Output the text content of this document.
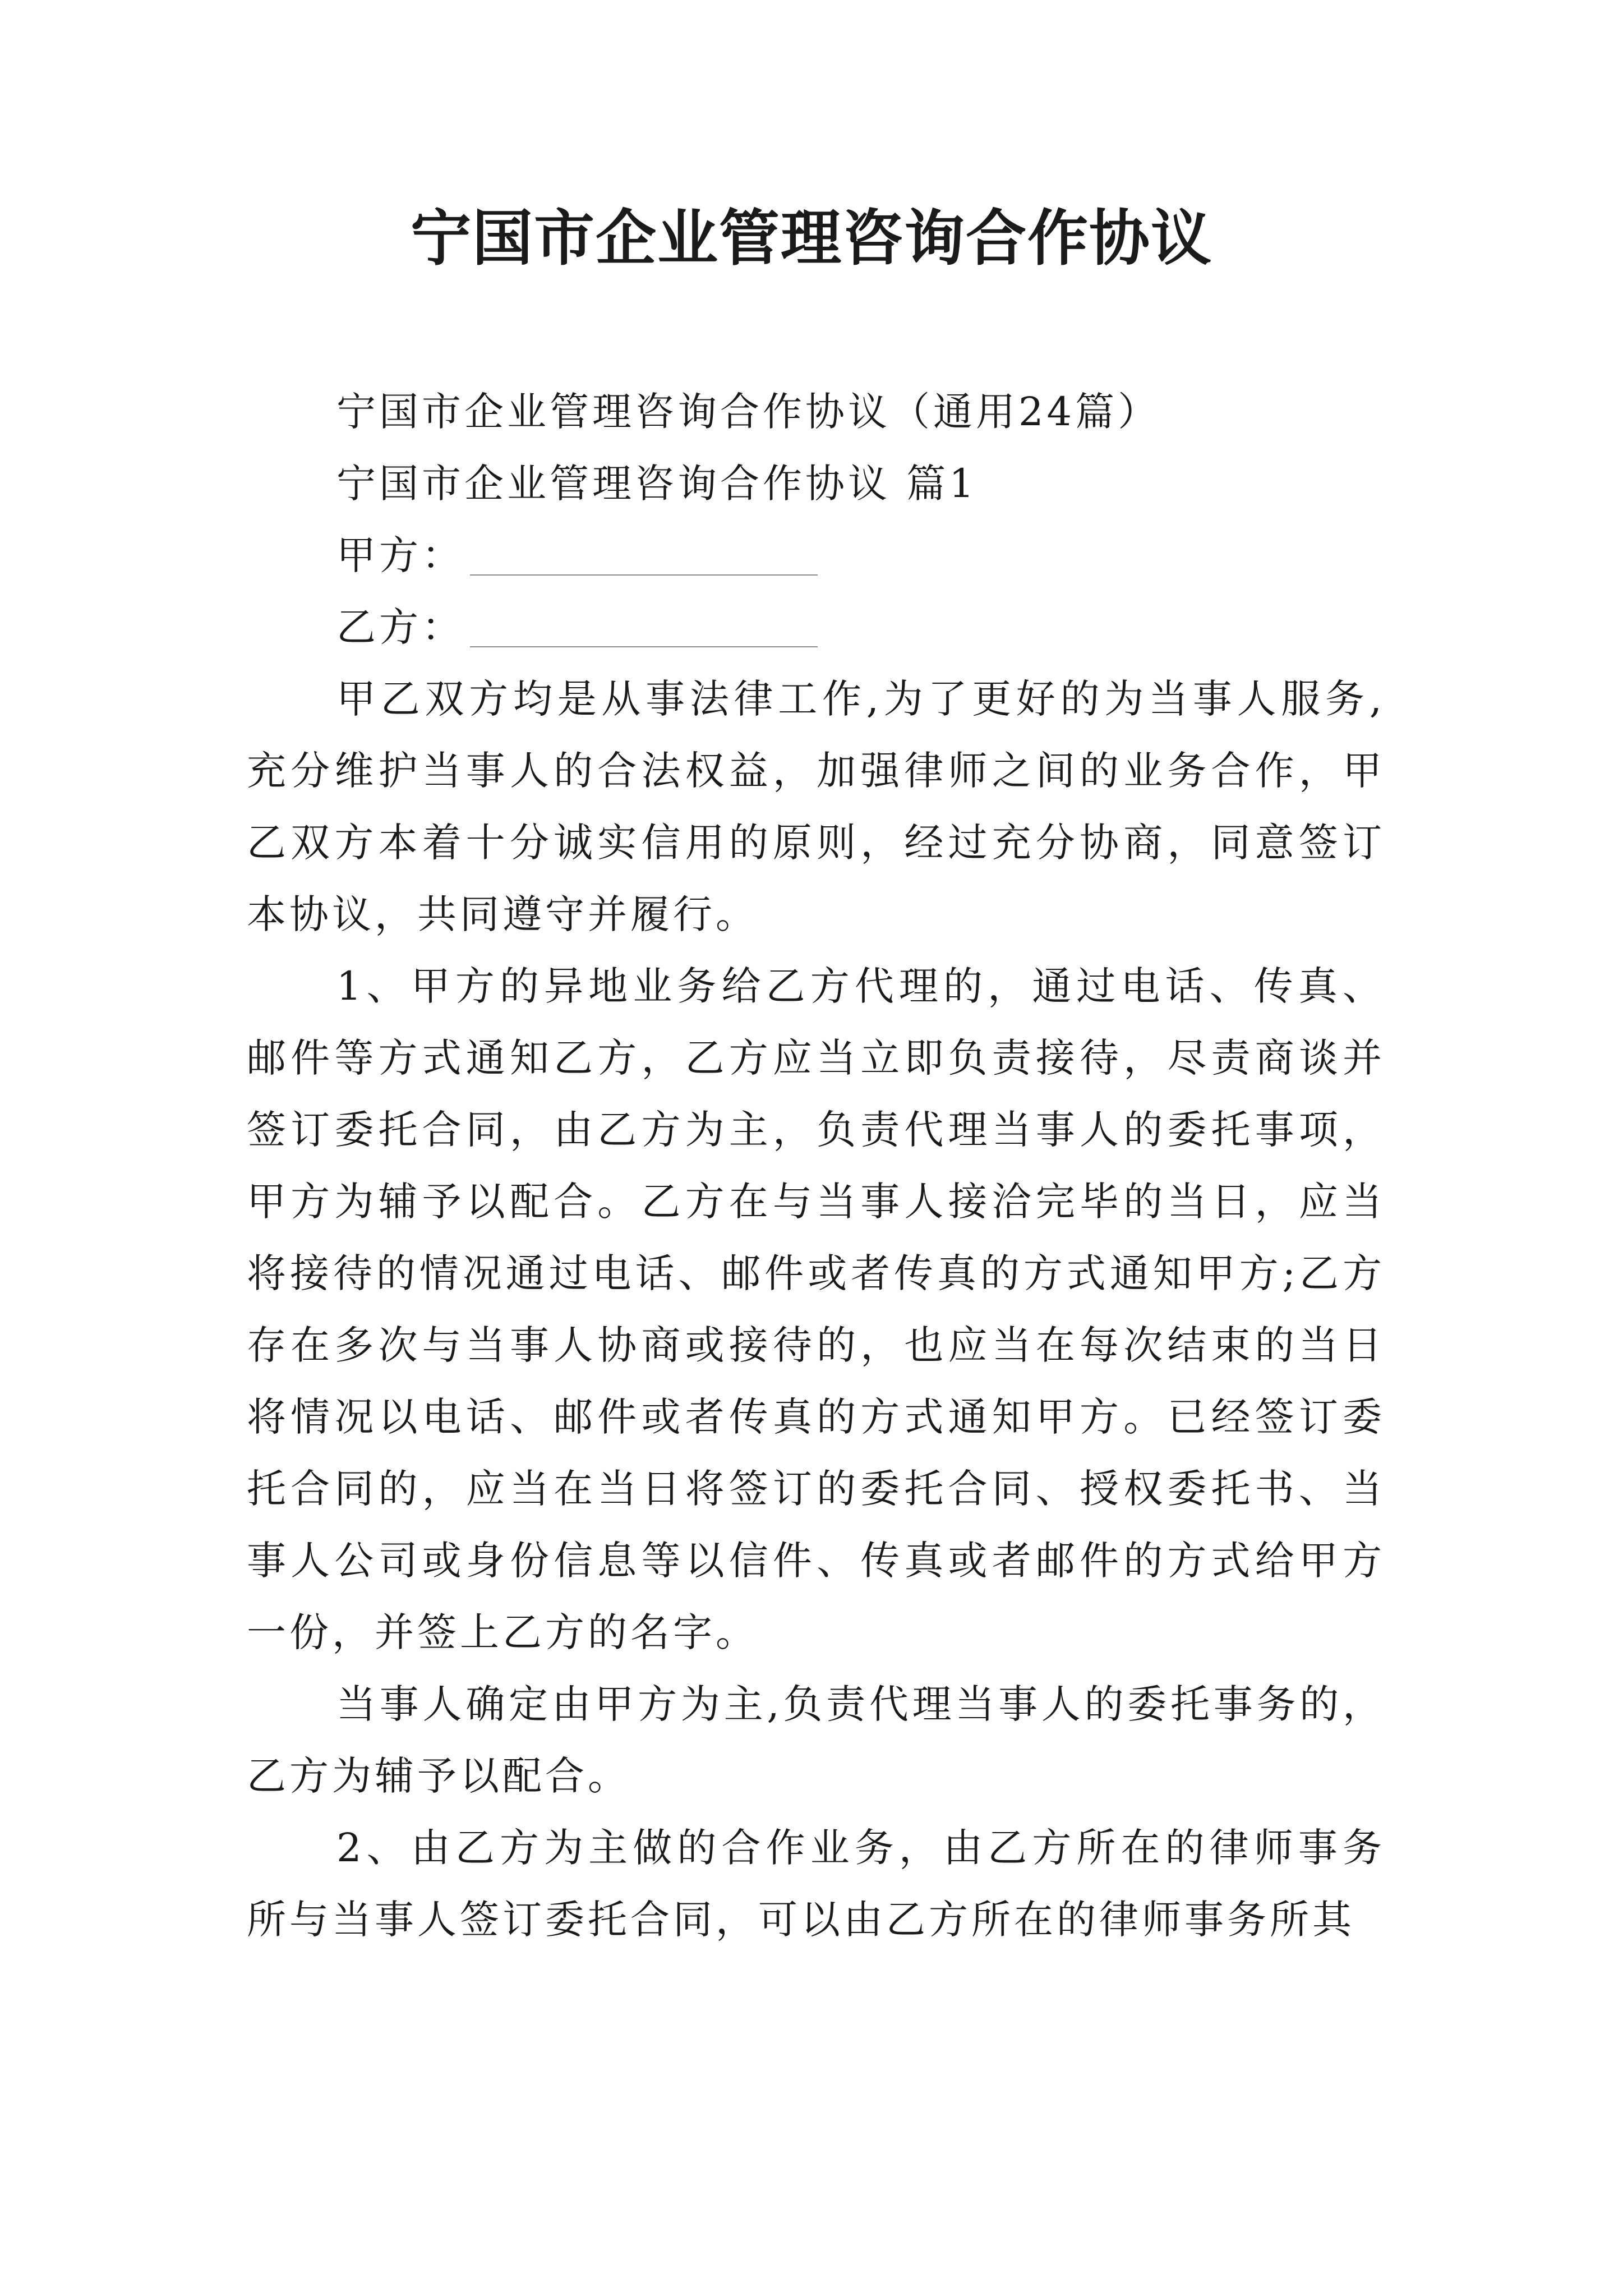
宁国市企业管理咨询合作协议
宁国市企业管理咨询合作协议（通用24篇）
宁国市企业管理咨询合作协议 篇1
甲方：
乙方：
甲乙双方均是从事法律工作,为了更好的为当事人服务,充分维护当事人的合法权益，加强律师之间的业务合作，甲乙双方本着十分诚实信用的原则，经过充分协商，同意签订本协议，共同遵守并履行。
1、甲方的异地业务给乙方代理的，通过电话、传真、邮件等方式通知乙方，乙方应当立即负责接待，尽责商谈并签订委托合同，由乙方为主，负责代理当事人的委托事项，甲方为辅予以配合。乙方在与当事人接洽完毕的当日，应当将接待的情况通过电话、邮件或者传真的方式通知甲方;乙方存在多次与当事人协商或接待的，也应当在每次结束的当日将情况以电话、邮件或者传真的方式通知甲方。已经签订委托合同的，应当在当日将签订的委托合同、授权委托书、当事人公司或身份信息等以信件、传真或者邮件的方式给甲方一份，并签上乙方的名字。
当事人确定由甲方为主,负责代理当事人的委托事务的，乙方为辅予以配合。
2、由乙方为主做的合作业务，由乙方所在的律师事务所与当事人签订委托合同，可以由乙方所在的律师事务所其
